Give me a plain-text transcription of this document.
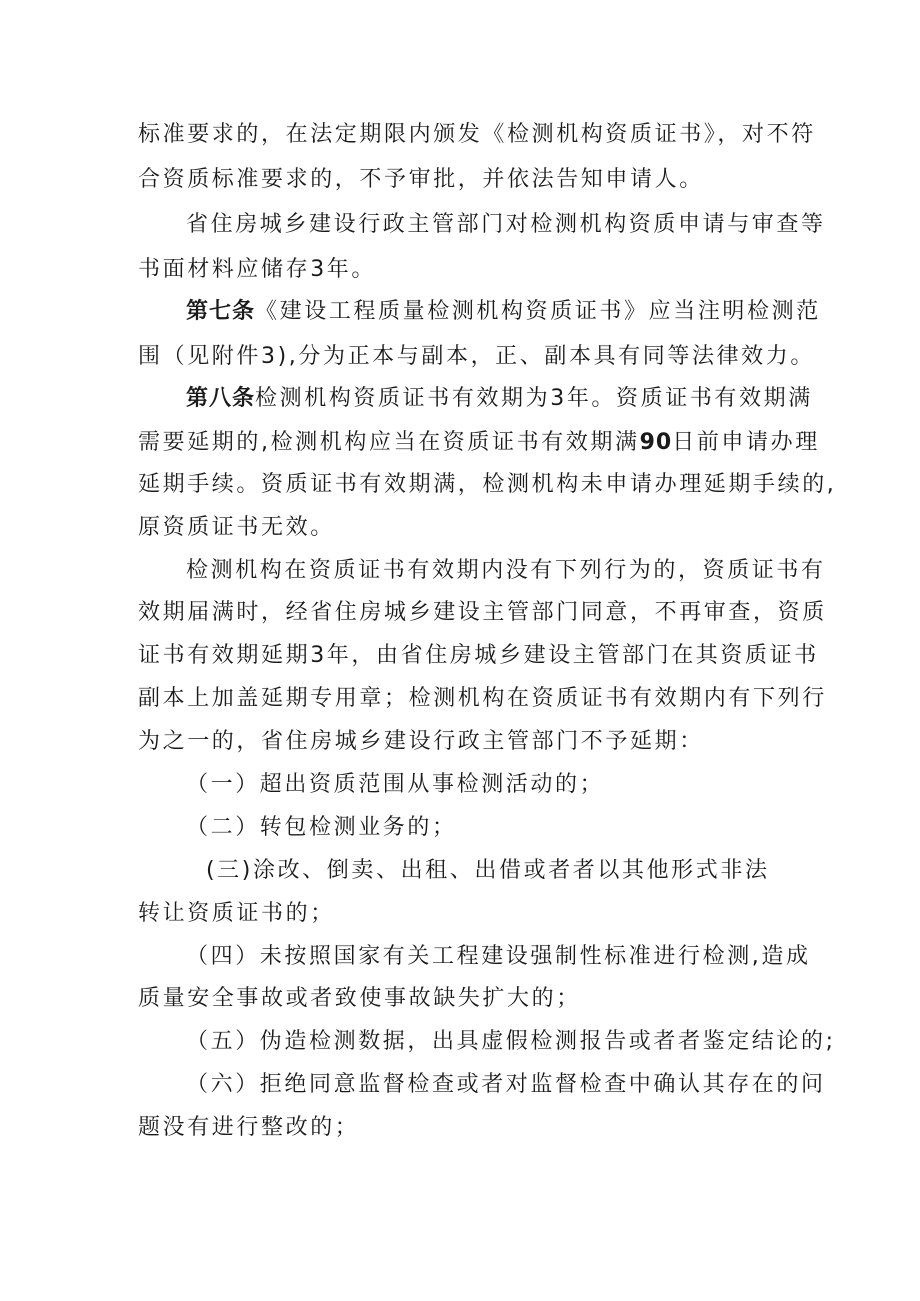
标准要求的，在法定期限内颁发《检测机构资质证书》，对不符
合资质标准要求的，不予审批，并依法告知申请人。
省住房城乡建设行政主管部门对检测机构资质申请与审查等
书面材料应储存3年。
第七条《建设工程质量检测机构资质证书》应当注明检测范
围（见附件3),分为正本与副本，正、副本具有同等法律效力。
第八条检测机构资质证书有效期为3年。资质证书有效期满
需要延期的,检测机构应当在资质证书有效期满90日前申请办理
延期手续。资质证书有效期满，检测机构未申请办理延期手续的,
原资质证书无效。
检测机构在资质证书有效期内没有下列行为的，资质证书有
效期届满时，经省住房城乡建设主管部门同意，不再审查，资质
证书有效期延期3年，由省住房城乡建设主管部门在其资质证书
副本上加盖延期专用章；检测机构在资质证书有效期内有下列行
为之一的，省住房城乡建设行政主管部门不予延期：
（一）超出资质范围从事检测活动的；
（二）转包检测业务的；
(三)涂改、倒卖、出租、出借或者者以其他形式非法
转让资质证书的；
（四）未按照国家有关工程建设强制性标准进行检测,造成
质量安全事故或者致使事故缺失扩大的；
（五）伪造检测数据，出具虚假检测报告或者者鉴定结论的;
（六）拒绝同意监督检查或者对监督检查中确认其存在的问
题没有进行整改的；
